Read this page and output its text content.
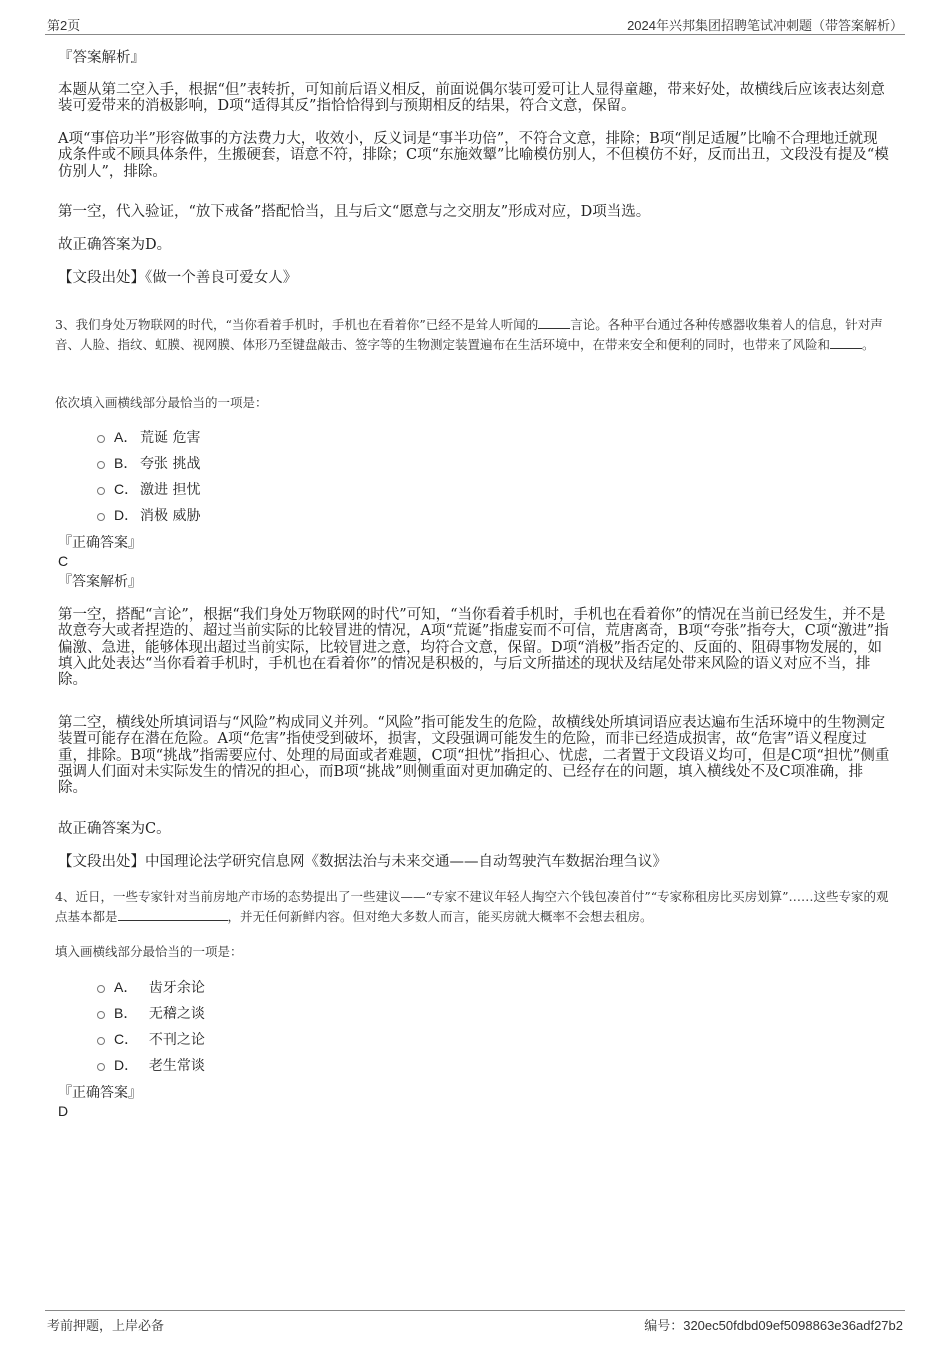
第2页	2024年兴邦集团招聘笔试冲刺题（带答案解析）
『答案解析』
本题从第二空入手，根据“但”表转折，可知前后语义相反，前面说偶尔装可爱可让人显得童趣，带来好处，故横线后应该表达刻意装可爱带来的消极影响，D项“适得其反”指恰恰得到与预期相反的结果，符合文意，保留。
A项“事倍功半”形容做事的方法费力大，收效小，反义词是“事半功倍”，不符合文意，排除；B项“削足适履”比喻不合理地迁就现成条件或不顾具体条件，生搬硬套，语意不符，排除；C项“东施效颦”比喻模仿别人，不但模仿不好，反而出丑，文段没有提及“模仿别人”，排除。
第一空，代入验证，“放下戒备”搭配恰当，且与后文“愿意与之交朋友”形成对应，D项当选。
故正确答案为D。
【文段出处】《做一个善良可爱女人》
3、我们身处万物联网的时代，“当你看着手机时，手机也在看着你”已经不是耸人听闻的	言论。各种平台通过各种传感器收集着人的信息，针对声音、人脸、指纹、虹膜、视网膜、体形乃至键盘敲击、签字等的生物测定装置遍布在生活环境中，在带来安全和便利的同时，也带来了风险和	。
依次填入画横线部分最恰当的一项是：
A． 荒诞 危害
B． 夸张 挑战
C． 激进 担忧
D． 消极 威胁
『正确答案』
C
『答案解析』
第一空，搭配“言论”，根据“我们身处万物联网的时代”可知，“当你看着手机时，手机也在看着你”的情况在当前已经发生，并不是故意夸大或者捏造的、超过当前实际的比较冒进的情况，A项“荒诞”指虚妄而不可信，荒唐离奇，B项“夸张”指夸大，C项“激进”指偏激、急进，能够体现出超过当前实际，比较冒进之意，均符合文意，保留。D项“消极”指否定的、反面的、阻碍事物发展的，如填入此处表达“当你看着手机时，手机也在看着你”的情况是积极的，与后文所描述的现状及结尾处带来风险的语义对应不当，排除。
第二空，横线处所填词语与“风险”构成同义并列。“风险”指可能发生的危险，故横线处所填词语应表达遍布生活环境中的生物测定装置可能存在潜在危险。A项“危害”指使受到破坏，损害，文段强调可能发生的危险，而非已经造成损害，故“危害”语义程度过重，排除。B项“挑战”指需要应付、处理的局面或者难题，C项“担忧”指担心、忧虑，二者置于文段语义均可，但是C项“担忧”侧重强调人们面对未实际发生的情况的担心，而B项“挑战”则侧重面对更加确定的、已经存在的问题，填入横线处不及C项准确，排除。
故正确答案为C。
【文段出处】中国理论法学研究信息网《数据法治与未来交通——自动驾驶汽车数据治理刍议》
4、近日，一些专家针对当前房地产市场的态势提出了一些建议——“专家不建议年轻人掏空六个钱包凑首付”“专家称租房比买房划算”……这些专家的观点基本都是	，并无任何新鲜内容。但对绝大多数人而言，能买房就大概率不会想去租房。
填入画横线部分最恰当的一项是：
A． 齿牙余论
B． 无稽之谈
C． 不刊之论
D． 老生常谈
『正确答案』
D
考前押题，上岸必备	编号：320ec50fdbd09ef5098863e36adf27b2
